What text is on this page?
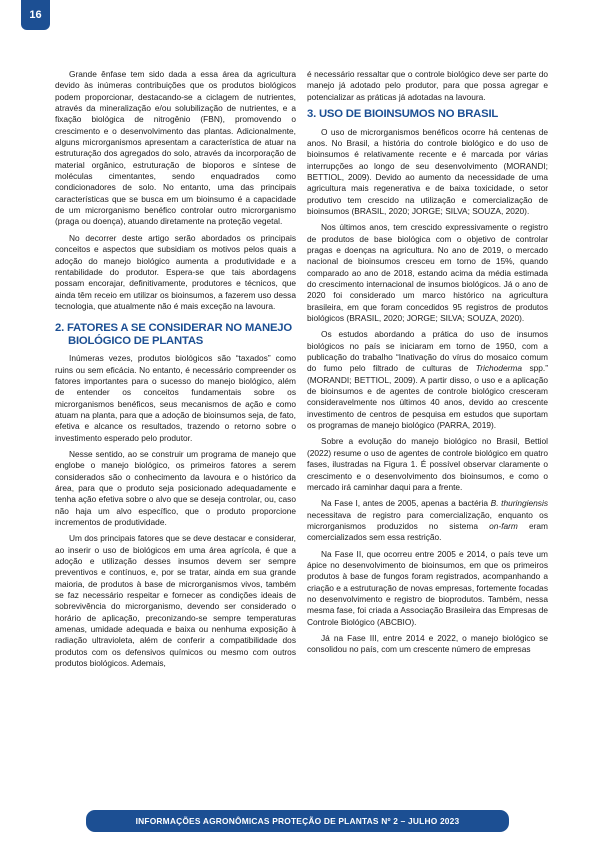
16

Grande ênfase tem sido dada a essa área da agricultura devido às inúmeras contribuições que os produtos biológicos podem proporcionar, destacando-se a ciclagem de nutrientes, através da mineralização e/ou solubilização de nutrientes, e a fixação biológica de nitrogênio (FBN), promovendo o crescimento e o desenvolvimento das plantas. Adicionalmente, alguns microrganismos apresentam a característica de atuar na estruturação dos agregados do solo, através da incorporação de material orgânico, estruturação de bioporos e síntese de moléculas cimentantes, sendo enquadrados como condicionadores de solo. No entanto, uma das principais características que se busca em um bioinsumo é a capacidade de um microrganismo benéfico controlar outro microrganismo (praga ou doença), atuando diretamente na proteção vegetal.

No decorrer deste artigo serão abordados os principais conceitos e aspectos que subsidiam os motivos pelos quais a adoção do manejo biológico aumenta a produtividade e a rentabilidade do produtor. Espera-se que tais abordagens possam encorajar, definitivamente, produtores e técnicos, que ainda têm receio em utilizar os bioinsumos, a fazerem uso dessa tecnologia, que atualmente não é mais exceção na lavoura.

2. FATORES A SE CONSIDERAR NO MANEJO
BIOLÓGICO DE PLANTAS

Inúmeras vezes, produtos biológicos são “taxados” como ruins ou sem eficácia. No entanto, é necessário compreender os fatores importantes para o sucesso do manejo biológico, além de entender os conceitos fundamentais sobre os microrganismos benéficos, seus mecanismos de ação e como atuam na planta, para que a adoção de bioinsumos seja, de fato, efetiva e alcance os resultados, trazendo o retorno sobre o investimento esperado pelo produtor.

Nesse sentido, ao se construir um programa de manejo que englobe o manejo biológico, os primeiros fatores a serem considerados são o conhecimento da lavoura e o histórico da área, para que o produto seja posicionado adequadamente e tenha ação efetiva sobre o alvo que se deseja controlar, ou, caso não haja um alvo específico, que o produto proporcione incrementos de produtividade.

Um dos principais fatores que se deve destacar e considerar, ao inserir o uso de biológicos em uma área agrícola, é que a adoção e utilização desses insumos devem ser sempre preventivos e contínuos, e, por se tratar, ainda em sua grande maioria, de produtos à base de microrganismos vivos, também se faz necessário respeitar e fornecer as condições ideais de sobrevivência do microrganismo, devendo ser considerado o horário de aplicação, preconizando-se sempre temperaturas amenas, umidade adequada e baixa ou nenhuma exposição à radiação ultravioleta, além de conferir a compatibilidade dos produtos com os defensivos químicos ou mesmo com outros produtos biológicos. Ademais,

é necessário ressaltar que o controle biológico deve ser parte do manejo já adotado pelo produtor, para que possa agregar e potencializar as práticas já adotadas na lavoura.

3. USO DE BIOINSUMOS NO BRASIL

O uso de microrganismos benéficos ocorre há centenas de anos. No Brasil, a história do controle biológico e do uso de bioinsumos é relativamente recente e é marcada por várias interrupções ao longo de seu desenvolvimento (MORANDI; BETTIOL, 2009). Devido ao aumento da necessidade de uma agricultura mais regenerativa e de baixa toxicidade, o setor produtivo tem crescido na utilização e comercialização de bioinsumos (BRASIL, 2020; JORGE; SILVA; SOUZA, 2020).

Nos últimos anos, tem crescido expressivamente o registro de produtos de base biológica com o objetivo de controlar pragas e doenças na agricultura. No ano de 2019, o mercado nacional de bioinsumos cresceu em torno de 15%, quando comparado ao ano de 2018, estando acima da média estimada do crescimento internacional de insumos biológicos. Já o ano de 2020 foi considerado um marco histórico na agricultura brasileira, em que foram concedidos 95 registros de produtos biológicos (BRASIL, 2020; JORGE; SILVA; SOUZA, 2020).

Os estudos abordando a prática do uso de insumos biológicos no país se iniciaram em torno de 1950, com a publicação do trabalho “Inativação do vírus do mosaico comum do fumo pelo filtrado de culturas de Trichoderma spp.” (MORANDI; BETTIOL, 2009). A partir disso, o uso e a aplicação de bioinsumos e de agentes de controle biológico cresceram consideravelmente nos últimos 40 anos, devido ao crescente investimento de centros de pesquisa em estudos que suportam os programas de manejo biológico (PARRA, 2019).

Sobre a evolução do manejo biológico no Brasil, Bettiol (2022) resume o uso de agentes de controle biológico em quatro fases, ilustradas na Figura 1. É possível observar claramente o crescimento e o desenvolvimento dos bioinsumos, e como o mercado irá caminhar daqui para a frente.

Na Fase I, antes de 2005, apenas a bactéria B. thuringiensis necessitava de registro para comercialização, enquanto os microrganismos produzidos no sistema on-farm eram comercializados sem essa restrição.

Na Fase II, que ocorreu entre 2005 e 2014, o país teve um ápice no desenvolvimento de bioinsumos, em que os primeiros produtos à base de fungos foram registrados, acompanhando a criação e a estruturação de novas empresas, fortemente focadas no desenvolvimento e registro de bioprodutos. Também, nessa mesma fase, foi criada a Associação Brasileira das Empresas de Controle Biológico (ABCBIO).

Já na Fase III, entre 2014 e 2022, o manejo biológico se consolidou no país, com um crescente número de empresas

INFORMAÇÕES AGRONÔMICAS PROTEÇÃO DE PLANTAS Nº 2 – JULHO 2023
